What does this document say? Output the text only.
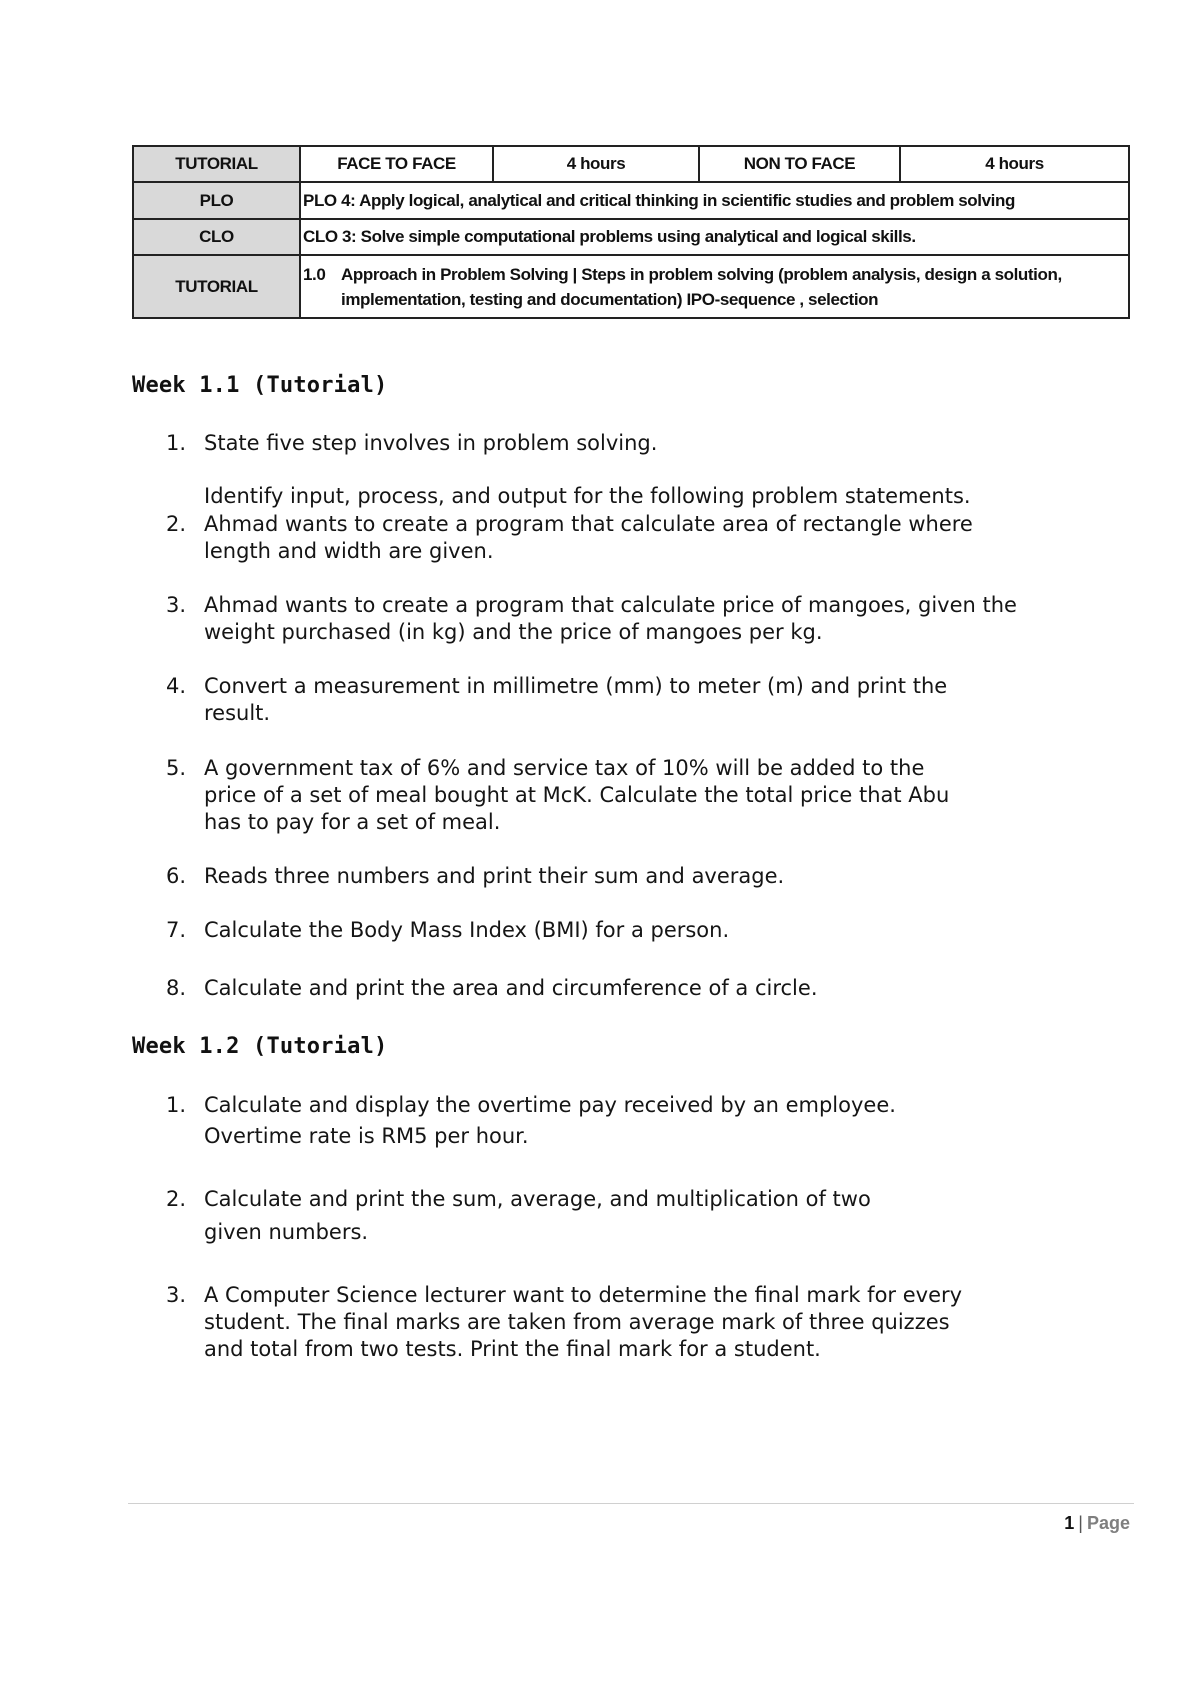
TUTORIAL	FACE TO FACE	4 hours	NON TO FACE	4 hours
PLO	PLO 4: Apply logical, analytical and critical thinking in scientific studies and problem solving			
CLO	CLO 3: Solve simple computational problems using analytical and logical skills.			
TUTORIAL	1.0 Approach in Problem Solving | Steps in problem solving (problem analysis, design a solution,
implementation, testing and documentation) IPO-sequence , selection			
Week 1.1 (Tutorial)
1. State five step involves in problem solving.

Identify input, process, and output for the following problem statements.

2. Ahmad wants to create a program that calculate area of rectangle where
length and width are given.
3. Ahmad wants to create a program that calculate price of mangoes, given the
weight purchased (in kg) and the price of mangoes per kg.
4. Convert a measurement in millimetre (mm) to meter (m) and print the
result.
5. A government tax of 6% and service tax of 10% will be added to the
price of a set of meal bought at McK. Calculate the total price that Abu
has to pay for a set of meal.
6. Reads three numbers and print their sum and average.
7. Calculate the Body Mass Index (BMI) for a person.
8. Calculate and print the area and circumference of a circle.
Week 1.2 (Tutorial)
1. Calculate and display the overtime pay received by an employee.
Overtime rate is RM5 per hour.
2. Calculate and print the sum, average, and multiplication of two
given numbers.
3. A Computer Science lecturer want to determine the final mark for every
student. The final marks are taken from average mark of three quizzes
and total from two tests. Print the final mark for a student.
1 | Page
